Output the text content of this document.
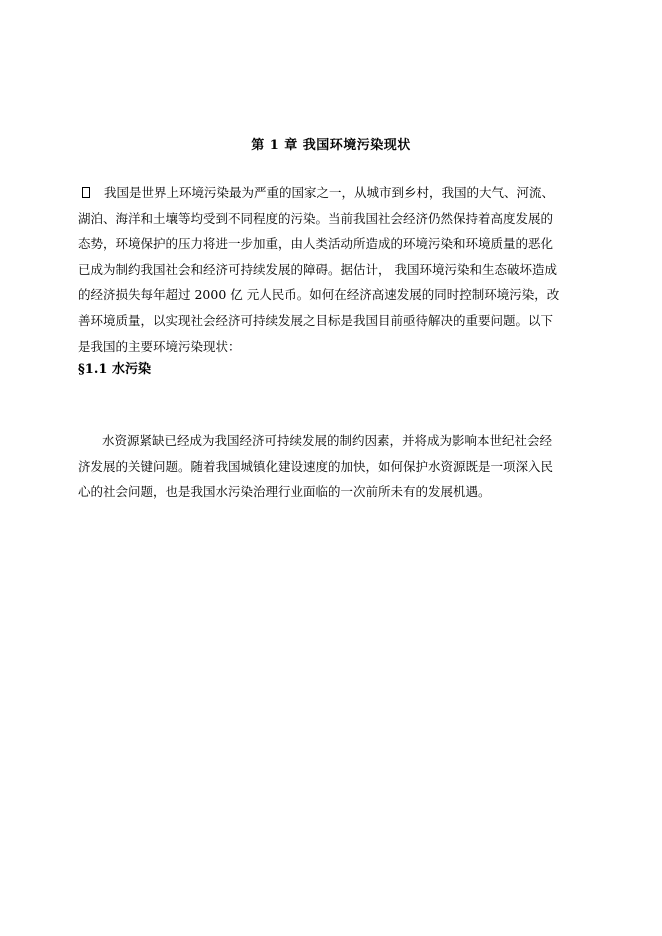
第 1 章 我国环境污染现状
我国是世界上环境污染最为严重的国家之一，从城市到乡村，我国的大气、河流、
湖泊、海洋和土壤等均受到不同程度的污染。当前我国社会经济仍然保持着高度发展的
态势，环境保护的压力将进一步加重，由人类活动所造成的环境污染和环境质量的恶化
已成为制约我国社会和经济可持续发展的障碍。据估计， 我国环境污染和生态破坏造成
的经济损失每年超过 2000 亿 元人民币。如何在经济高速发展的同时控制环境污染，改
善环境质量，以实现社会经济可持续发展之目标是我国目前亟待解决的重要问题。以下
是我国的主要环境污染现状：
§1.1 水污染
水资源紧缺已经成为我国经济可持续发展的制约因素，并将成为影响本世纪社会经
济发展的关键问题。随着我国城镇化建设速度的加快，如何保护水资源既是一项深入民
心的社会问题，也是我国水污染治理行业面临的一次前所未有的发展机遇。
